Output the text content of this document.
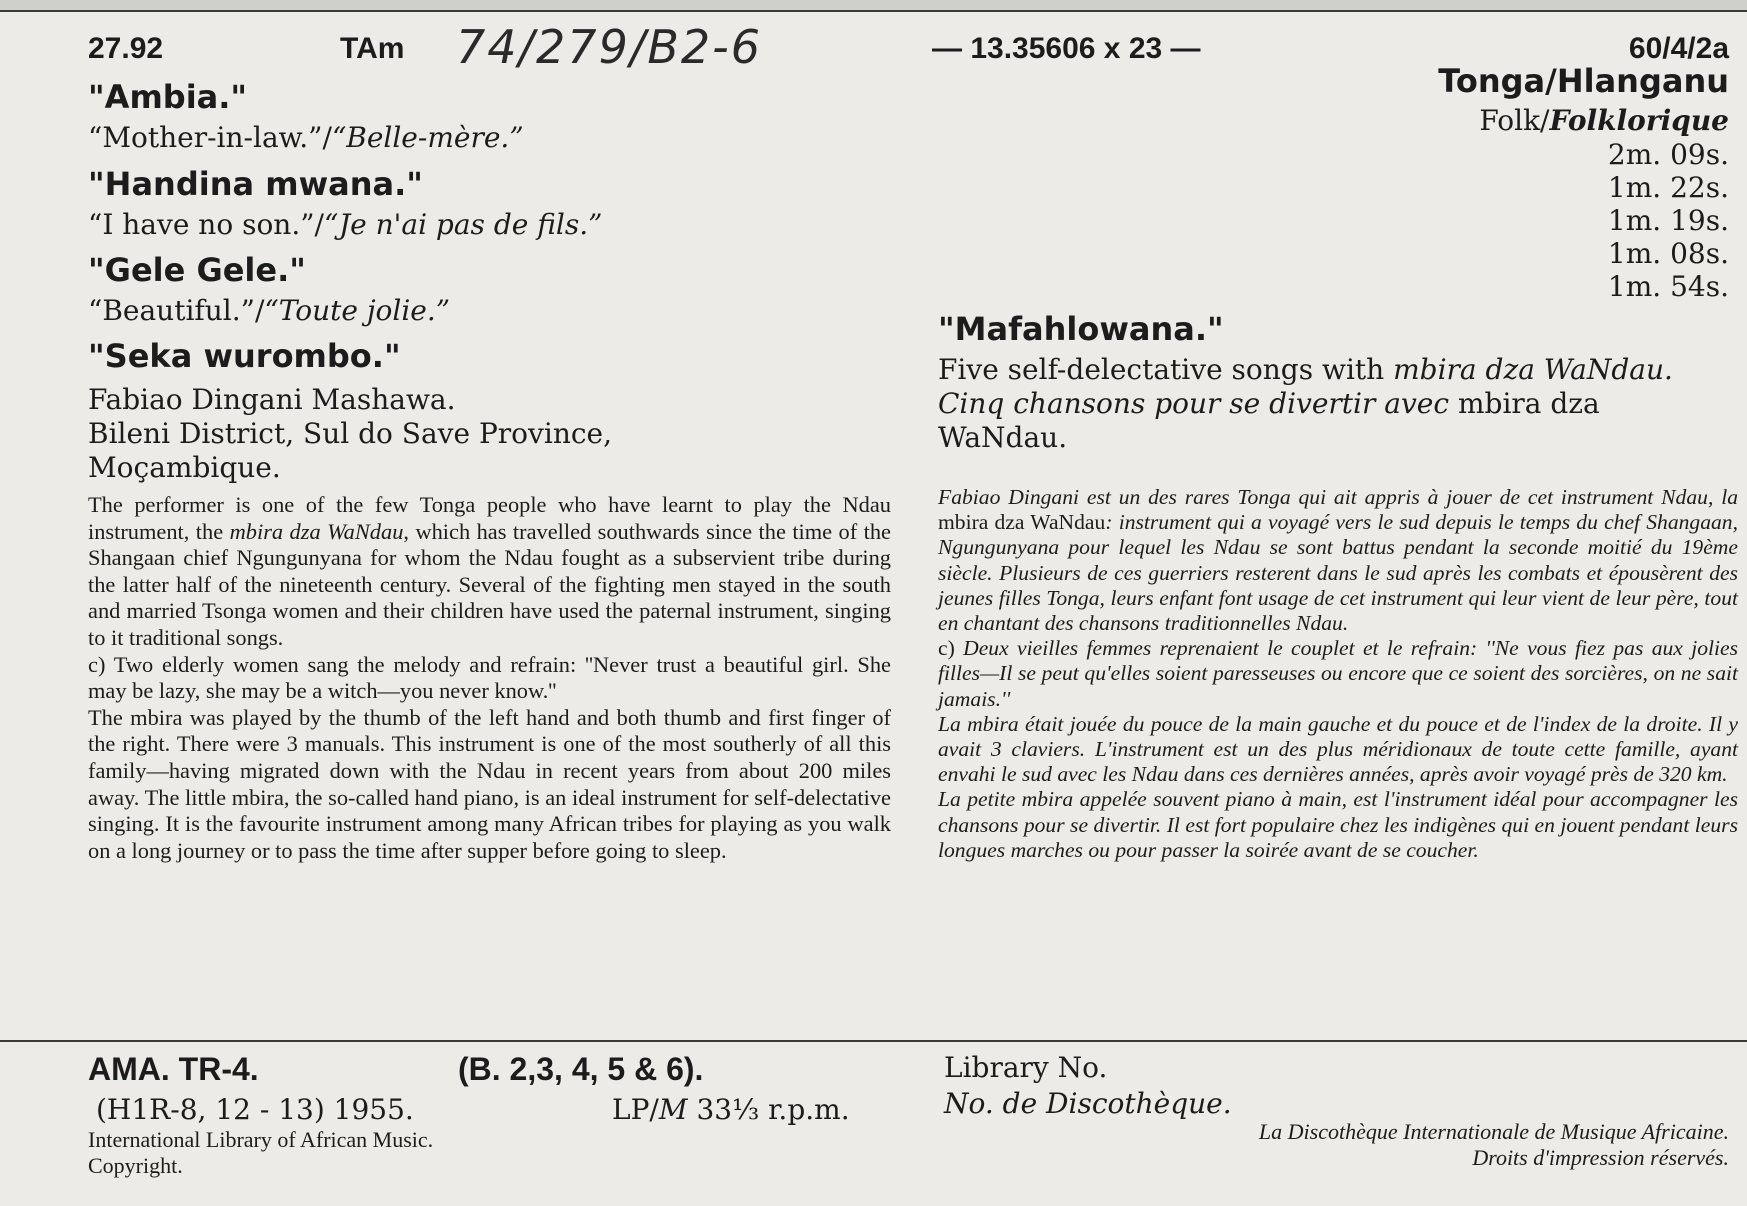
27.92	TAm 74/279/B2-6	— 13.35606 x 23 —	60/4/2a
"Ambia."
“Mother-in-law.”/“Belle-mère.”
"Handina mwana."
“I have no son.”/“Je n'ai pas de fils.”
"Gele Gele."
“Beautiful.”/“Toute jolie.”
"Seka wurombo."
Fabiao Dingani Mashawa.
Bileni District, Sul do Save Province,
Moçambique.

The performer is one of the few Tonga people who have learnt to play the Ndau instrument, the mbira dza WaNdau, which has travelled southwards since the time of the Shangaan chief Ngungunyana for whom the Ndau fought as a subservient tribe during the latter half of the nineteenth century. Several of the fighting men stayed in the south and married Tsonga women and their children have used the paternal instrument, singing to it traditional songs.

c) Two elderly women sang the melody and refrain: ''Never trust a beautiful girl. She may be lazy, she may be a witch—you never know.''

The mbira was played by the thumb of the left hand and both thumb and first finger of the right. There were 3 manuals. This instrument is one of the most southerly of all this family—having migrated down with the Ndau in recent years from about 200 miles away. The little mbira, the so-called hand piano, is an ideal instrument for self-delectative singing. It is the favourite instrument among many African tribes for playing as you walk on a long journey or to pass the time after supper before going to sleep.

Tonga/Hlanganu
Folk/Folklorique
2m. 09s.
1m. 22s.
1m. 19s.
1m. 08s.
1m. 54s.
"Mafahlowana."
Five self-delectative songs with mbira dza WaNdau.
Cinq chansons pour se divertir avec mbira dza WaNdau.

Fabiao Dingani est un des rares Tonga qui ait appris à jouer de cet instrument Ndau, la mbira dza WaNdau: instrument qui a voyagé vers le sud depuis le temps du chef Shangaan, Ngungunyana pour lequel les Ndau se sont battus pendant la seconde moitié du 19ème siècle. Plusieurs de ces guerriers resterent dans le sud après les combats et épousèrent des jeunes filles Tonga, leurs enfant font usage de cet instrument qui leur vient de leur père, tout en chantant des chansons traditionnelles Ndau.

c) Deux vieilles femmes reprenaient le couplet et le refrain: ''Ne vous fiez pas aux jolies filles—Il se peut qu'elles soient paresseuses ou encore que ce soient des sorcières, on ne sait jamais.''

La mbira était jouée du pouce de la main gauche et du pouce et de l'index de la droite. Il y avait 3 claviers. L'instrument est un des plus méridionaux de toute cette famille, ayant envahi le sud avec les Ndau dans ces dernières années, après avoir voyagé près de 320 km.

La petite mbira appelée souvent piano à main, est l'instrument idéal pour accompagner les chansons pour se divertir. Il est fort populaire chez les indigènes qui en jouent pendant leurs longues marches ou pour passer la soirée avant de se coucher.

AMA. TR-4.	(B. 2,3, 4, 5 & 6).
(H1R-8, 12 - 13) 1955.	LP/M 33⅓ r.p.m.
International Library of African Music.
Copyright.
Library No.
No. de Discothèque.
La Discothèque Internationale de Musique Africaine.
Droits d'impression réservés.
